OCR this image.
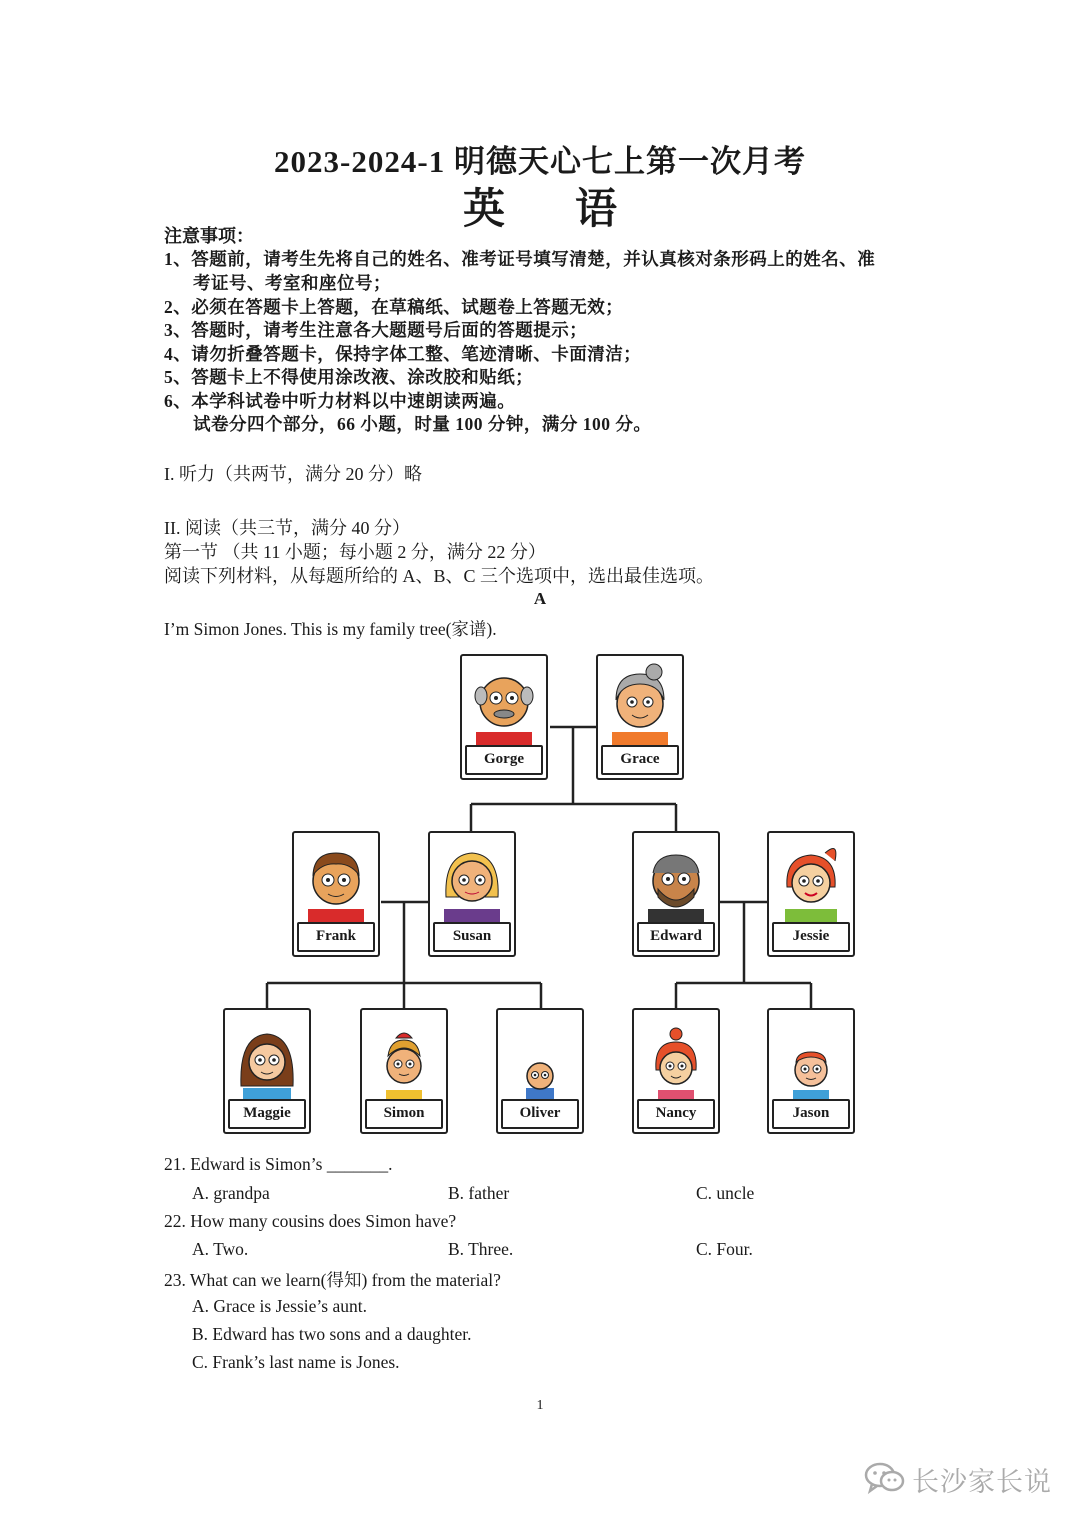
2023-2024-1 明德天心七上第一次月考
英语
注意事项：
1、答题前，请考生先将自己的姓名、准考证号填写清楚，并认真核对条形码上的姓名、准
考证号、考室和座位号；
2、必须在答题卡上答题，在草稿纸、试题卷上答题无效；
3、答题时，请考生注意各大题题号后面的答题提示；
4、请勿折叠答题卡，保持字体工整、笔迹清晰、卡面清洁；
5、答题卡上不得使用涂改液、涂改胶和贴纸；
6、本学科试卷中听力材料以中速朗读两遍。
试卷分四个部分，66 小题，时量 100 分钟，满分 100 分。
I. 听力（共两节，满分 20 分）略
II. 阅读（共三节，满分 40 分）
第一节 （共 11 小题；每小题 2 分，满分 22 分）
阅读下列材料，从每题所给的 A、B、C 三个选项中，选出最佳选项。
A
I’m Simon Jones. This is my family tree(家谱).
Gorge	Grace
Frank	Susan	Edward	Jessie
Maggie	Simon	Oliver	Nancy	Jason
21. Edward is Simon’s _______.
A. grandpa	B. father	C. uncle
22. How many cousins does Simon have?
A. Two.	B. Three.	C. Four.
23. What can we learn(得知) from the material?
A. Grace is Jessie’s aunt.
B. Edward has two sons and a daughter.
C. Frank’s last name is Jones.
1
长沙家长说
